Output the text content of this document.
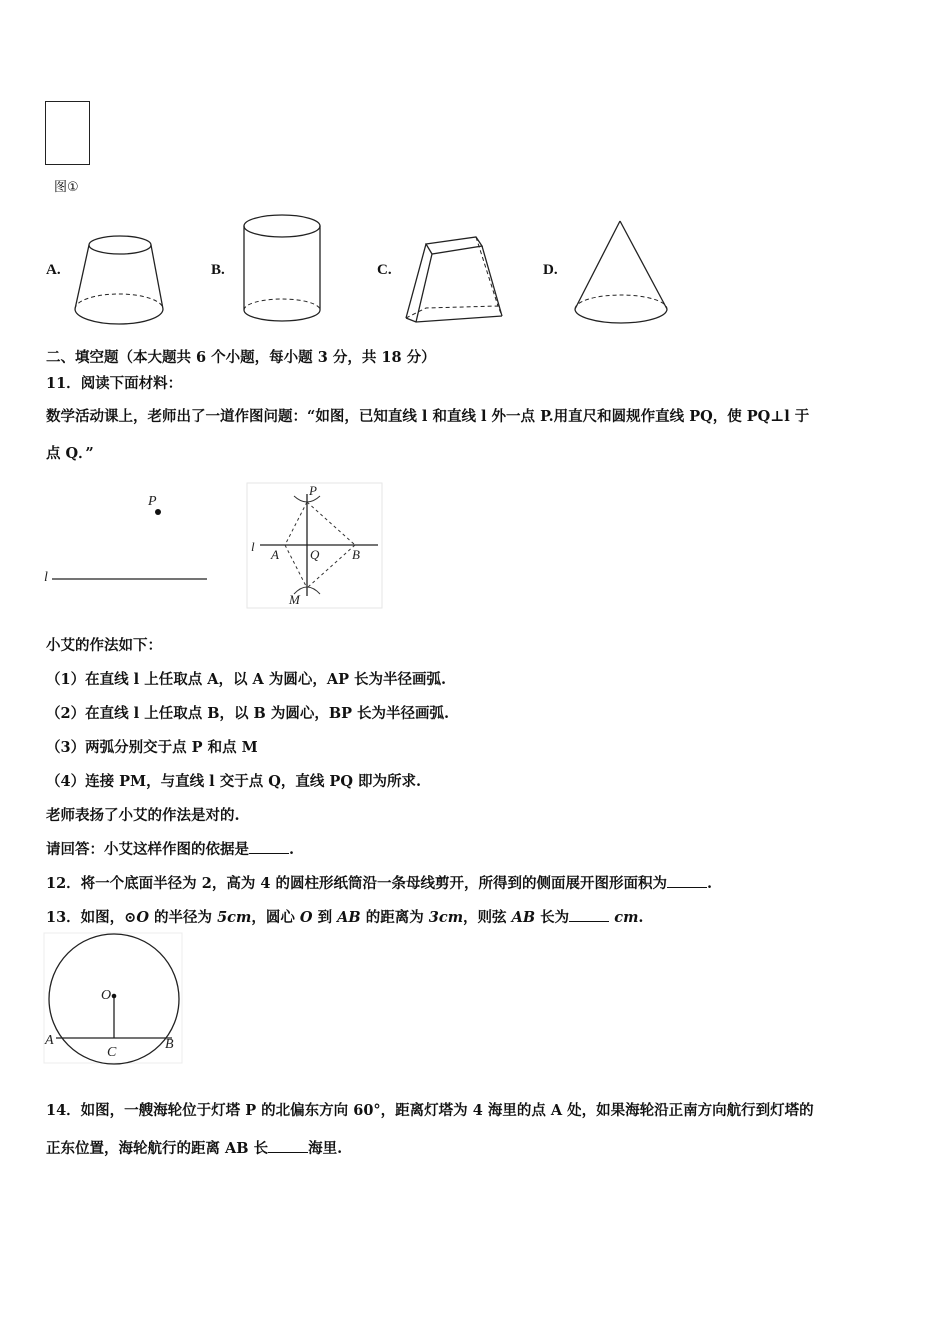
图①
A.	B.	C.	D.
二、填空题（本大题共 6 个小题，每小题 3 分，共 18 分）
11．阅读下面材料：
数学活动课上，老师出了一道作图问题：“如图，已知直线 l 和直线 l 外一点 P.用直尺和圆规作直线 PQ，使 PQ⊥l 于
点 Q．”
P
l
P
l
A Q	B
M
小艾的作法如下：
（1）在直线 l 上任取点 A，以 A 为圆心，AP 长为半径画弧.
（2）在直线 l 上任取点 B，以 B 为圆心，BP 长为半径画弧.
（3）两弧分别交于点 P 和点 M
（4）连接 PM，与直线 l 交于点 Q，直线 PQ 即为所求.
老师表扬了小艾的作法是对的.
请回答：小艾这样作图的依据是	.
12．将一个底面半径为 2，高为 4 的圆柱形纸筒沿一条母线剪开，所得到的侧面展开图形面积为	.
13．如图，⊙O 的半径为 5cm，圆心 O 到 AB 的距离为 3cm，则弦 AB 长为	cm.
O
A
C
B
14．如图，一艘海轮位于灯塔 P 的北偏东方向 60°，距离灯塔为 4 海里的点 A 处，如果海轮沿正南方向航行到灯塔的
正东位置，海轮航行的距离 AB 长	海里.
